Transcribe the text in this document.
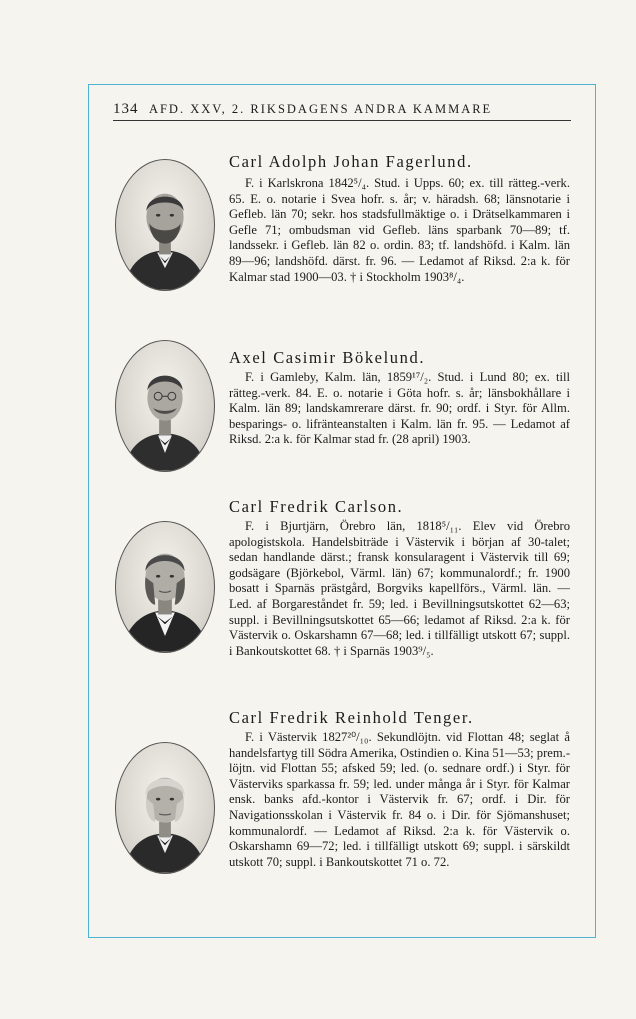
134 AFD. XXV, 2. RIKSDAGENS ANDRA KAMMARE
Carl Adolph Johan Fagerlund.

F. i Karlskrona 1842⁵/₄. Stud. i Upps. 60; ex. till rätteg.-verk. 65. E. o. notarie i Svea hofr. s. år; v. häradsh. 68; länsnotarie i Gefleb. län 70; sekr. hos stadsfullmäktige o. i Drätselkammaren i Gefle 71; ombudsman vid Gefleb. läns sparbank 70—89; tf. landssekr. i Gefleb. län 82 o. ordin. 83; tf. landshöfd. i Kalm. län 89—96; landshöfd. därst. fr. 96. — Ledamot af Riksd. 2:a k. för Kalmar stad 1900—03. † i Stockholm 1903⁸/₄.

Axel Casimir Bökelund.

F. i Gamleby, Kalm. län, 1859¹⁷/₂. Stud. i Lund 80; ex. till rätteg.-verk. 84. E. o. notarie i Göta hofr. s. år; länsbokhållare i Kalm. län 89; landskamrerare därst. fr. 90; ordf. i Styr. för Allm. besparings- o. lifränteanstalten i Kalm. län fr. 95. — Ledamot af Riksd. 2:a k. för Kalmar stad fr. (28 april) 1903.

Carl Fredrik Carlson.

F. i Bjurtjärn, Örebro län, 1818⁵/₁₁. Elev vid Örebro apologistskola. Handelsbiträde i Västervik i början af 30-talet; sedan handlande därst.; fransk konsularagent i Västervik till 69; godsägare (Björkebol, Värml. län) 67; kommunalordf.; fr. 1900 bosatt i Sparnäs prästgård, Borgviks kapellförs., Värml. län. — Led. af Borgareståndet fr. 59; led. i Bevillningsutskottet 62—63; suppl. i Bevillningsutskottet 65—66; ledamot af Riksd. 2:a k. för Västervik o. Oskarshamn 67—68; led. i tillfälligt utskott 67; suppl. i Bankoutskottet 68. † i Sparnäs 1903⁹/₅.

Carl Fredrik Reinhold Tenger.

F. i Västervik 1827²⁰/₁₀. Sekundlöjtn. vid Flottan 48; seglat å handelsfartyg till Södra Amerika, Ostindien o. Kina 51—53; prem.-löjtn. vid Flottan 55; afsked 59; led. (o. sednare ordf.) i Styr. för Västerviks sparkassa fr. 59; led. under många år i Styr. för Kalmar ensk. banks afd.-kontor i Västervik fr. 67; ordf. i Dir. för Navigationsskolan i Västervik fr. 84 o. i Dir. för Sjömanshuset; kommunalordf. — Ledamot af Riksd. 2:a k. för Västervik o. Oskarshamn 69—72; led. i tillfälligt utskott 69; suppl. i särskildt utskott 70; suppl. i Bankoutskottet 71 o. 72.
